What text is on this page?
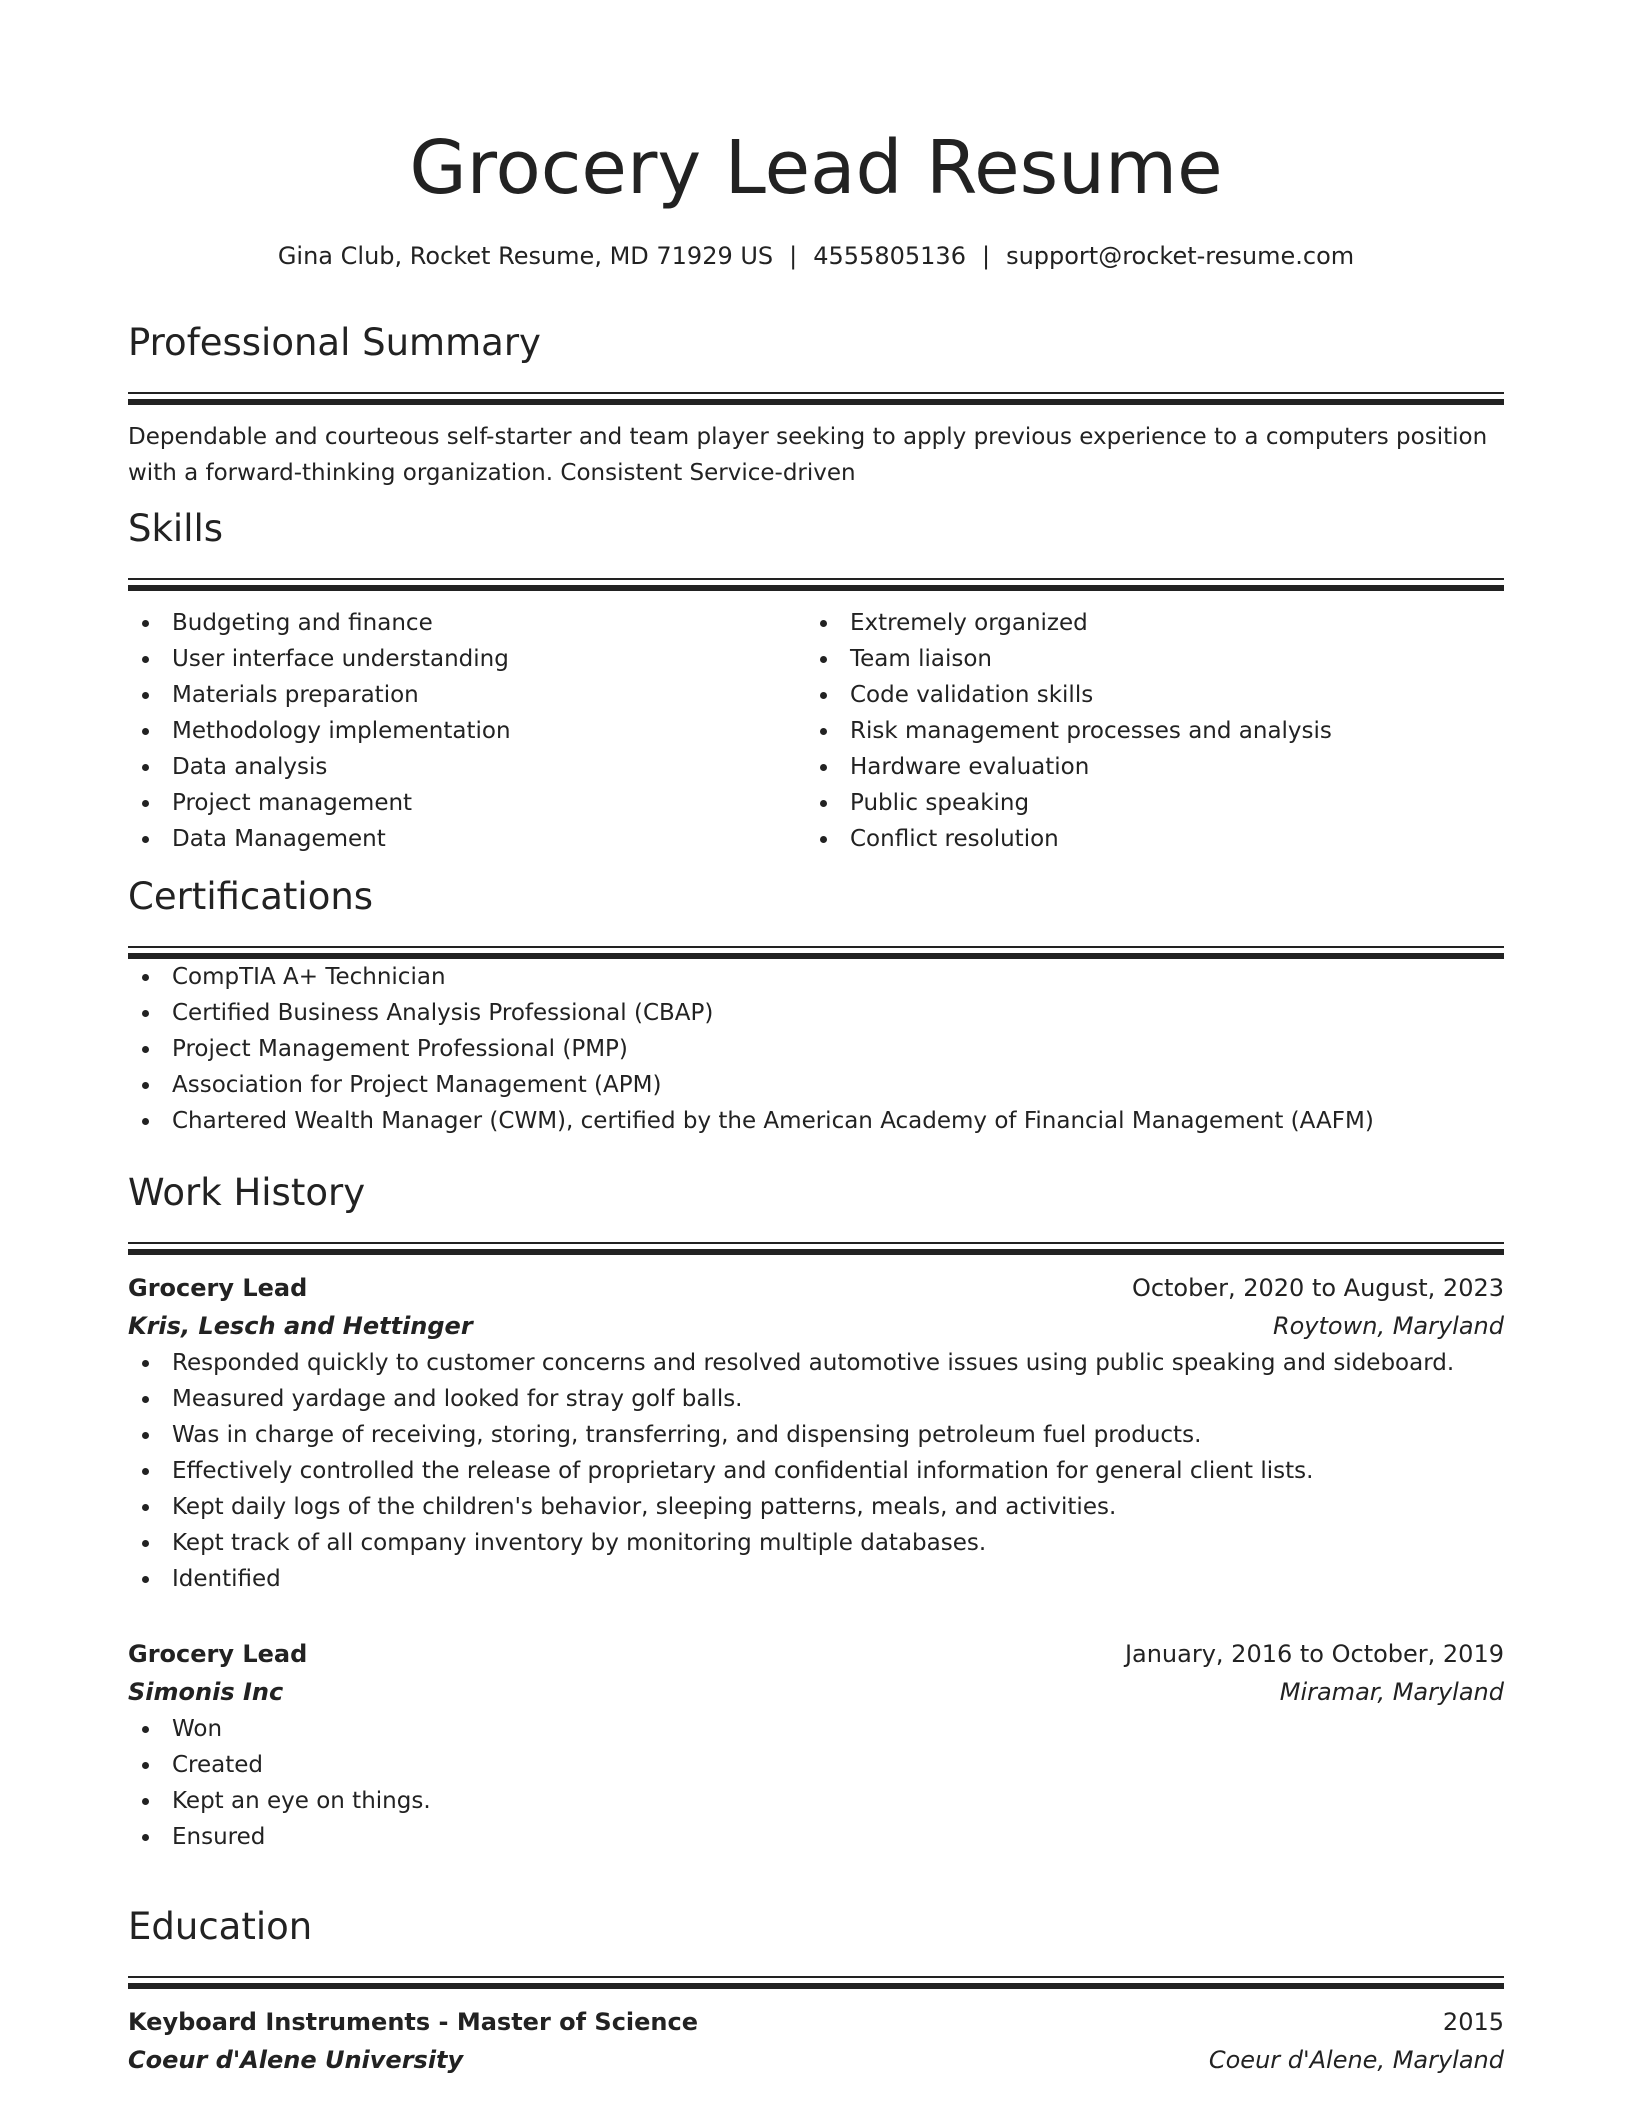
Grocery Lead Resume
Gina Club, Rocket Resume, MD 71929 US | 4555805136 | support@rocket-resume.com
Professional Summary
Dependable and courteous self-starter and team player seeking to apply previous experience to a computers position with a forward-thinking organization. Consistent Service-driven
Skills
Budgeting and finance
User interface understanding
Materials preparation
Methodology implementation
Data analysis
Project management
Data Management
Extremely organized
Team liaison
Code validation skills
Risk management processes and analysis
Hardware evaluation
Public speaking
Conflict resolution
Certifications
CompTIA A+ Technician
Certified Business Analysis Professional (CBAP)
Project Management Professional (PMP)
Association for Project Management (APM)
Chartered Wealth Manager (CWM), certified by the American Academy of Financial Management (AAFM)
Work History
Grocery Lead	October, 2020 to August, 2023
Kris, Lesch and Hettinger	Roytown, Maryland
Responded quickly to customer concerns and resolved automotive issues using public speaking and sideboard.
Measured yardage and looked for stray golf balls.
Was in charge of receiving, storing, transferring, and dispensing petroleum fuel products.
Effectively controlled the release of proprietary and confidential information for general client lists.
Kept daily logs of the children's behavior, sleeping patterns, meals, and activities.
Kept track of all company inventory by monitoring multiple databases.
Identified
Grocery Lead	January, 2016 to October, 2019
Simonis Inc	Miramar, Maryland
Won
Created
Kept an eye on things.
Ensured
Education
Keyboard Instruments - Master of Science	2015
Coeur d'Alene University	Coeur d'Alene, Maryland
